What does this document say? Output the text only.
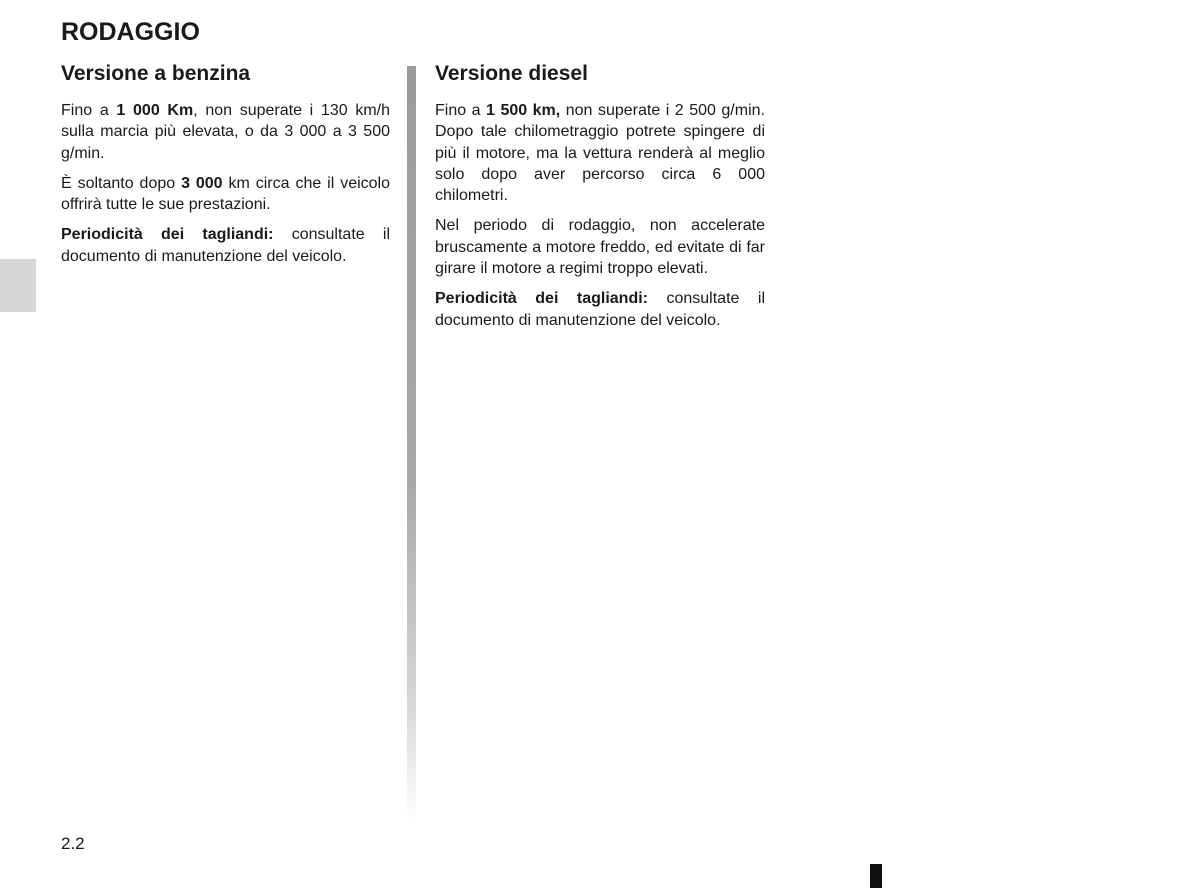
RODAGGIO
Versione a benzina

Fino a 1 000 Km, non superate i 130 km/h sulla marcia più elevata, o da 3 000 a 3 500 g/min.

È soltanto dopo 3 000 km circa che il veicolo offrirà tutte le sue prestazioni.

Periodicità dei tagliandi: consultate il documento di manutenzione del veicolo.

Versione diesel

Fino a 1 500 km, non superate i 2 500 g/min. Dopo tale chilometraggio potrete spingere di più il motore, ma la vettura renderà al meglio solo dopo aver percorso circa 6 000 chilometri.

Nel periodo di rodaggio, non accelerate bruscamente a motore freddo, ed evitate di far girare il motore a regimi troppo elevati.

Periodicità dei tagliandi: consultate il documento di manutenzione del veicolo.

2.2
